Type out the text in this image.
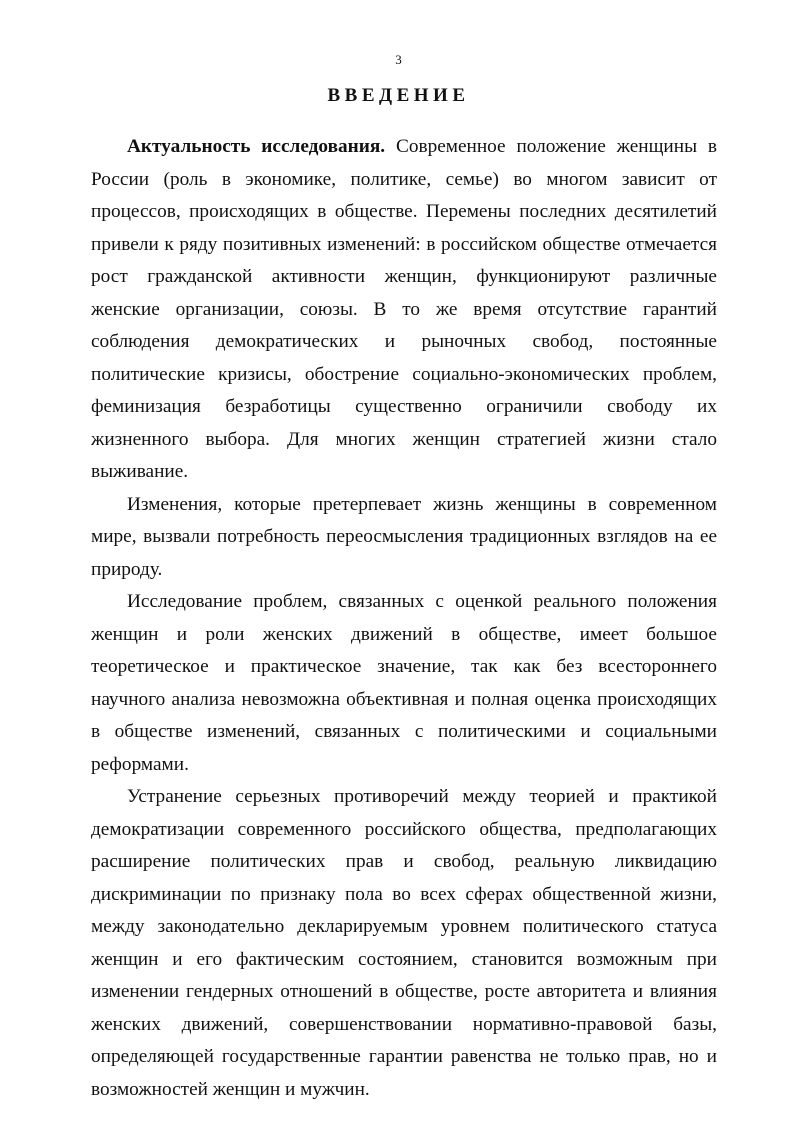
3
ВВЕДЕНИЕ

Актуальность исследования. Современное положение женщины в России (роль в экономике, политике, семье) во многом зависит от процессов, происходящих в обществе. Перемены последних десятилетий привели к ряду позитивных изменений: в российском обществе отмечается рост гражданской активности женщин, функционируют различные женские организации, союзы. В то же время отсутствие гарантий соблюдения демократических и рыночных свобод, постоянные политические кризисы, обострение социально-экономических проблем, феминизация безработицы существенно ограничили свободу их жизненного выбора. Для многих женщин стратегией жизни стало выживание.

Изменения, которые претерпевает жизнь женщины в современном мире, вызвали потребность переосмысления традиционных взглядов на ее природу.

Исследование проблем, связанных с оценкой реального положения женщин и роли женских движений в обществе, имеет большое теоретическое и практическое значение, так как без всестороннего научного анализа невозможна объективная и полная оценка происходящих в обществе изменений, связанных с политическими и социальными реформами.

Устранение серьезных противоречий между теорией и практикой демократизации современного российского общества, предполагающих расширение политических прав и свобод, реальную ликвидацию дискриминации по признаку пола во всех сферах общественной жизни, между законодательно декларируемым уровнем политического статуса женщин и его фактическим состоянием, становится возможным при изменении гендерных отношений в обществе, росте авторитета и влияния женских движений, совершенствовании нормативно-правовой базы, определяющей государственные гарантии равенства не только прав, но и возможностей женщин и мужчин.
